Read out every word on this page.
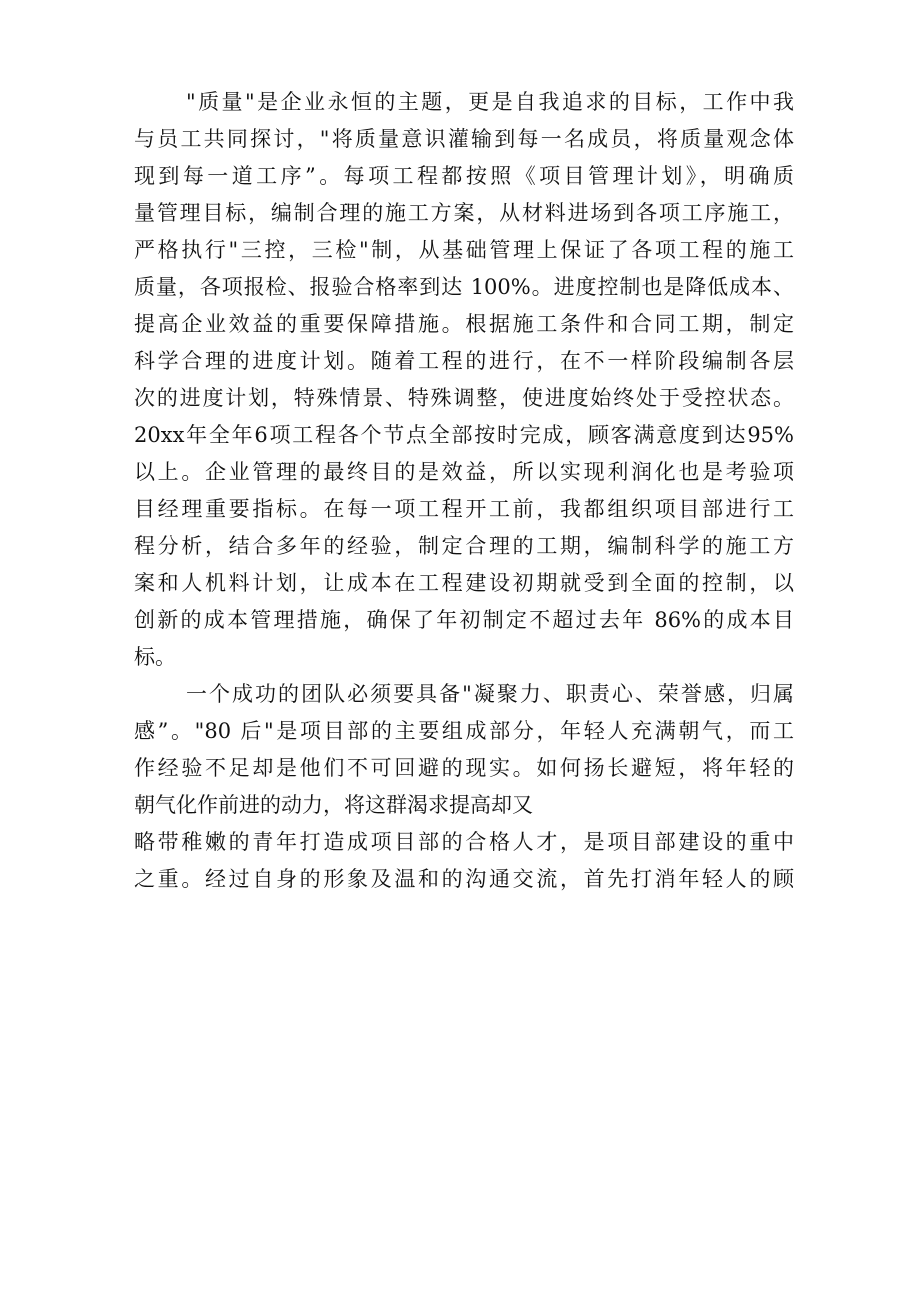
"质量"是企业永恒的主题，更是自我追求的目标，工作中我
与员工共同探讨，"将质量意识灌输到每一名成员，将质量观念体
现到每一道工序”。每项工程都按照《项目管理计划》，明确质
量管理目标，编制合理的施工方案，从材料进场到各项工序施工，
严格执行"三控，三检"制，从基础管理上保证了各项工程的施工
质量，各项报检、报验合格率到达 100%。进度控制也是降低成本、
提高企业效益的重要保障措施。根据施工条件和合同工期，制定
科学合理的进度计划。随着工程的进行，在不一样阶段编制各层
次的进度计划，特殊情景、特殊调整，使进度始终处于受控状态。
20xx年全年6项工程各个节点全部按时完成，顾客满意度到达95%
以上。企业管理的最终目的是效益，所以实现利润化也是考验项
目经理重要指标。在每一项工程开工前，我都组织项目部进行工
程分析，结合多年的经验，制定合理的工期，编制科学的施工方
案和人机料计划，让成本在工程建设初期就受到全面的控制，以
创新的成本管理措施，确保了年初制定不超过去年 86%的成本目
标。
一个成功的团队必须要具备"凝聚力、职责心、荣誉感，归属
感”。"80 后"是项目部的主要组成部分，年轻人充满朝气，而工
作经验不足却是他们不可回避的现实。如何扬长避短，将年轻的
朝气化作前进的动力，将这群渴求提高却又
略带稚嫩的青年打造成项目部的合格人才，是项目部建设的重中
之重。经过自身的形象及温和的沟通交流，首先打消年轻人的顾
